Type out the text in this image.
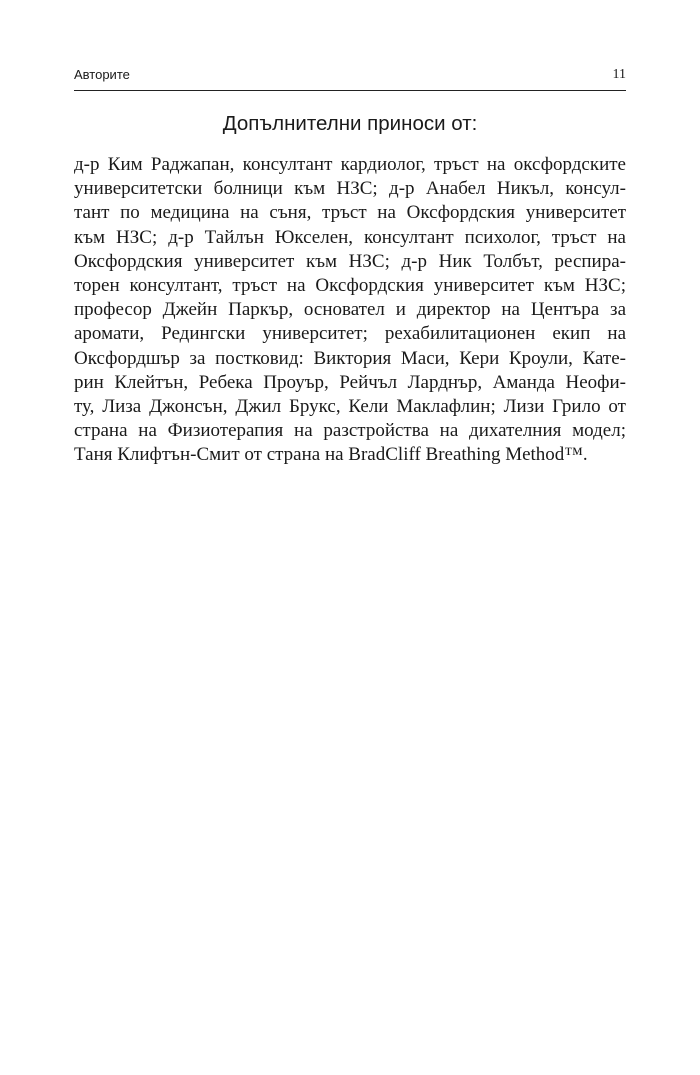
Авторите	11
Допълнителни приноси от:

д-р Ким Раджапан, консултант кардиолог, тръст на оксфордските
университетски болници към НЗС; д-р Анабел Никъл, консул-
тант по медицина на съня, тръст на Оксфордския университет
към НЗС; д-р Тайлън Юкселен, консултант психолог, тръст на
Оксфордския университет към НЗС; д-р Ник Толбът, респира-
торен консултант, тръст на Оксфордския университет към НЗС;
професор Джейн Паркър, основател и директор на Центъра за
аромати, Редингски университет; рехабилитационен екип на
Оксфордшър за постковид: Виктория Маси, Кери Кроули, Кате-
рин Клейтън, Ребека Проуър, Рейчъл Ларднър, Аманда Неофи-
ту, Лиза Джонсън, Джил Брукс, Кели Маклафлин; Лизи Грило от
страна на Физиотерапия на разстройства на дихателния модел;
Таня Клифтън-Смит от страна на BradCliff Breathing Method™.
